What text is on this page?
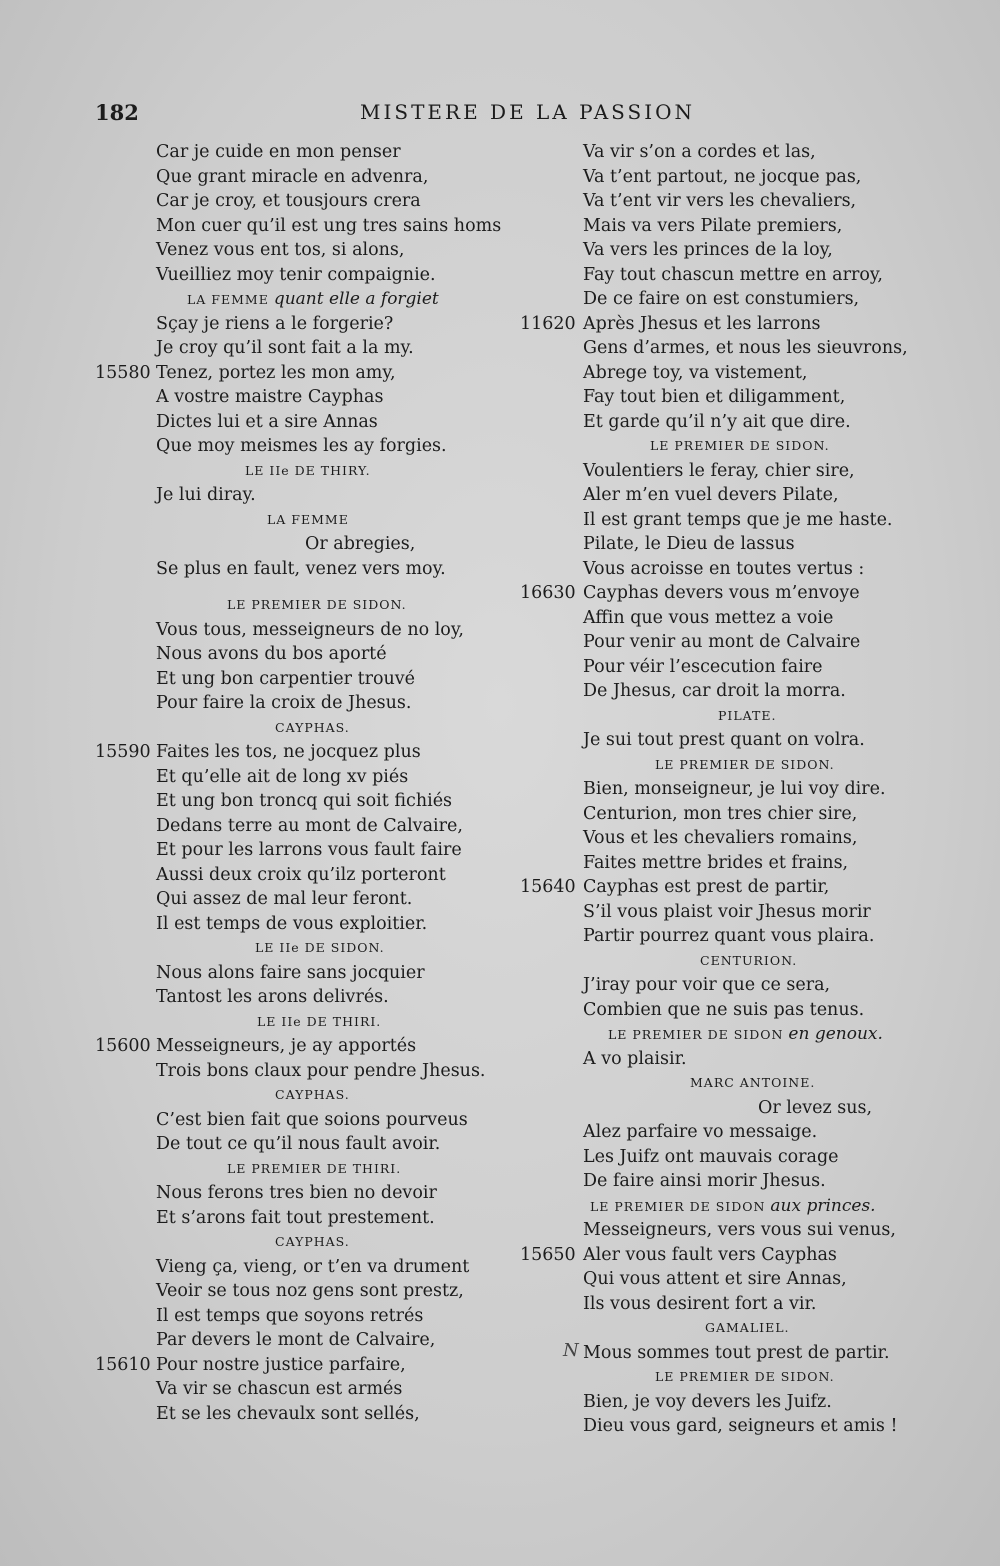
182	MISTERE DE LA PASSION
Car je cuide en mon penser
Que grant miracle en advenra,
Car je croy, et tousjours crera
Mon cuer qu’il est ung tres sains homs
Venez vous ent tos, si alons,
Vueilliez moy tenir compaignie.
LA FEMME quant elle a forgiet
Sçay je riens a le forgerie?
Je croy qu’il sont fait a la my.
15580 Tenez, portez les mon amy,
A vostre maistre Cayphas
Dictes lui et a sire Annas
Que moy meismes les ay forgies.
LE IIe DE THIRY.
Je lui diray.
LA FEMME
Or abregies,
Se plus en fault, venez vers moy.
LE PREMIER DE SIDON.
Vous tous, messeigneurs de no loy,
Nous avons du bos aporté
Et ung bon carpentier trouvé
Pour faire la croix de Jhesus.
CAYPHAS.
15590 Faites les tos, ne jocquez plus
Et qu’elle ait de long xv piés
Et ung bon troncq qui soit fichiés
Dedans terre au mont de Calvaire,
Et pour les larrons vous fault faire
Aussi deux croix qu’ilz porteront
Qui assez de mal leur feront.
Il est temps de vous exploitier.
LE IIe DE SIDON.
Nous alons faire sans jocquier
Tantost les arons delivrés.
LE IIe DE THIRI.
15600 Messeigneurs, je ay apportés
Trois bons claux pour pendre Jhesus.
CAYPHAS.
C’est bien fait que soions pourveus
De tout ce qu’il nous fault avoir.
LE PREMIER DE THIRI.
Nous ferons tres bien no devoir
Et s’arons fait tout prestement.
CAYPHAS.
Vieng ça, vieng, or t’en va drument
Veoir se tous noz gens sont prestz,
Il est temps que soyons retrés
Par devers le mont de Calvaire,
15610 Pour nostre justice parfaire,
Va vir se chascun est armés
Et se les chevaulx sont sellés,
Va vir s’on a cordes et las,
Va t’ent partout, ne jocque pas,
Va t’ent vir vers les chevaliers,
Mais va vers Pilate premiers,
Va vers les princes de la loy,
Fay tout chascun mettre en arroy,
De ce faire on est constumiers,
11620 Après Jhesus et les larrons
Gens d’armes, et nous les sieuvrons,
Abrege toy, va vistement,
Fay tout bien et diligamment,
Et garde qu’il n’y ait que dire.
LE PREMIER DE SIDON.
Voulentiers le feray, chier sire,
Aler m’en vuel devers Pilate,
Il est grant temps que je me haste.
Pilate, le Dieu de lassus
Vous acroisse en toutes vertus :
16630 Cayphas devers vous m’envoye
Affin que vous mettez a voie
Pour venir au mont de Calvaire
Pour véir l’escecution faire
De Jhesus, car droit la morra.
PILATE.
Je sui tout prest quant on volra.
LE PREMIER DE SIDON.
Bien, monseigneur, je lui voy dire.
Centurion, mon tres chier sire,
Vous et les chevaliers romains,
Faites mettre brides et frains,
15640 Cayphas est prest de partir,
S’il vous plaist voir Jhesus morir
Partir pourrez quant vous plaira.
CENTURION.
J’iray pour voir que ce sera,
Combien que ne suis pas tenus.
LE PREMIER DE SIDON en genoux.
A vo plaisir.
MARC ANTOINE.
Or levez sus,
Alez parfaire vo messaige.
Les Juifz ont mauvais corage
De faire ainsi morir Jhesus.
LE PREMIER DE SIDON aux princes.
Messeigneurs, vers vous sui venus,
15650 Aler vous fault vers Cayphas
Qui vous attent et sire Annas,
Ils vous desirent fort a vir.
GAMALIEL.
Mous sommes tout prest de partir.
LE PREMIER DE SIDON.
Bien, je voy devers les Juifz.
Dieu vous gard, seigneurs et amis !
N
